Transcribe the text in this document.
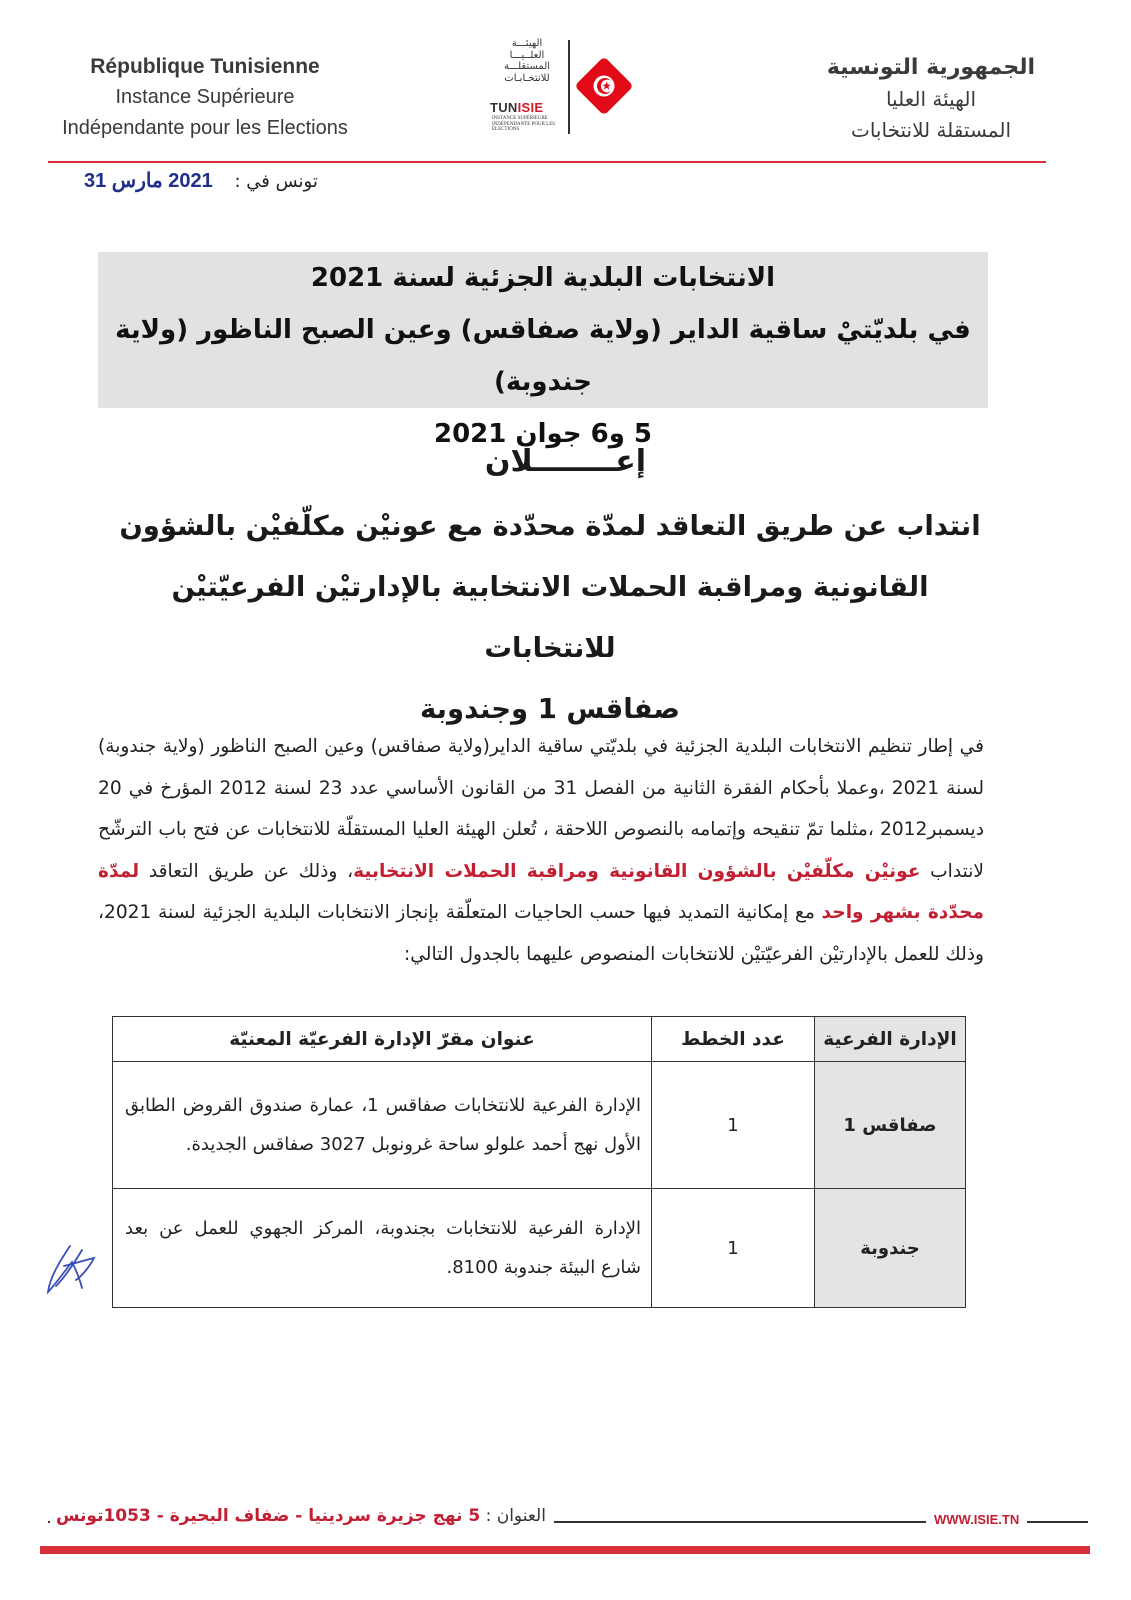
République Tunisienne
Instance Supérieure
Indépendante pour les Elections
الهيئـــة
العلــيـــا
المستقلـــة
للانتخـابـات
TUNISIE
INSTANCE SUPÉRIEURE INDÉPENDANTE POUR LES ÉLECTIONS
الجمهورية التونسية
الهيئة العليا
المستقلة للانتخابات
تونس في : 2021 مارس 31
الانتخابات البلدية الجزئية لسنة 2021
في بلديّتيْ ساقية الداير (ولاية صفاقس) وعين الصبح الناظور (ولاية جندوبة)
5 و6 جوان 2021
إعــــــــلان
انتداب عن طريق التعاقد لمدّة محدّدة مع عونيْن مكلّفيْن بالشؤون
القانونية ومراقبة الحملات الانتخابية بالإدارتيْن الفرعيّتيْن للانتخابات
صفاقس 1 وجندوبة
في إطار تنظيم الانتخابات البلدية الجزئية في بلديّتي ساقية الداير(ولاية صفاقس) وعين الصبح الناظور (ولاية جندوبة) لسنة 2021 ،وعملا بأحكام الفقرة الثانية من الفصل 31 من القانون الأساسي عدد 23 لسنة 2012 المؤرخ في 20 ديسمبر2012 ،مثلما تمّ تنقيحه وإتمامه بالنصوص اللاحقة ، تُعلن الهيئة العليا المستقلّة للانتخابات عن فتح باب الترشّح لانتداب عونيْن مكلّفيْن بالشؤون القانونية ومراقبة الحملات الانتخابية، وذلك عن طريق التعاقد لمدّة محدّدة بشهر واحد مع إمكانية التمديد فيها حسب الحاجيات المتعلّقة بإنجاز الانتخابات البلدية الجزئية لسنة 2021، وذلك للعمل بالإدارتيْن الفرعيّتيْن للانتخابات المنصوص عليهما بالجدول التالي:
الإدارة الفرعية	عدد الخطط	عنوان مقرّ الإدارة الفرعيّة المعنيّة
صفاقس 1	1	الإدارة الفرعية للانتخابات صفاقس 1، عمارة صندوق القروض الطابق الأول نهج أحمد علولو ساحة غرونوبل 3027 صفاقس الجديدة.
جندوبة	1	الإدارة الفرعية للانتخابات بجندوبة، المركز الجهوي للعمل عن بعد شارع البيئة جندوبة 8100.
العنوان : 5 نهج جزيرة سردينيا - ضفاف البحيرة - 1053تونس	WWW.ISIE.TN
